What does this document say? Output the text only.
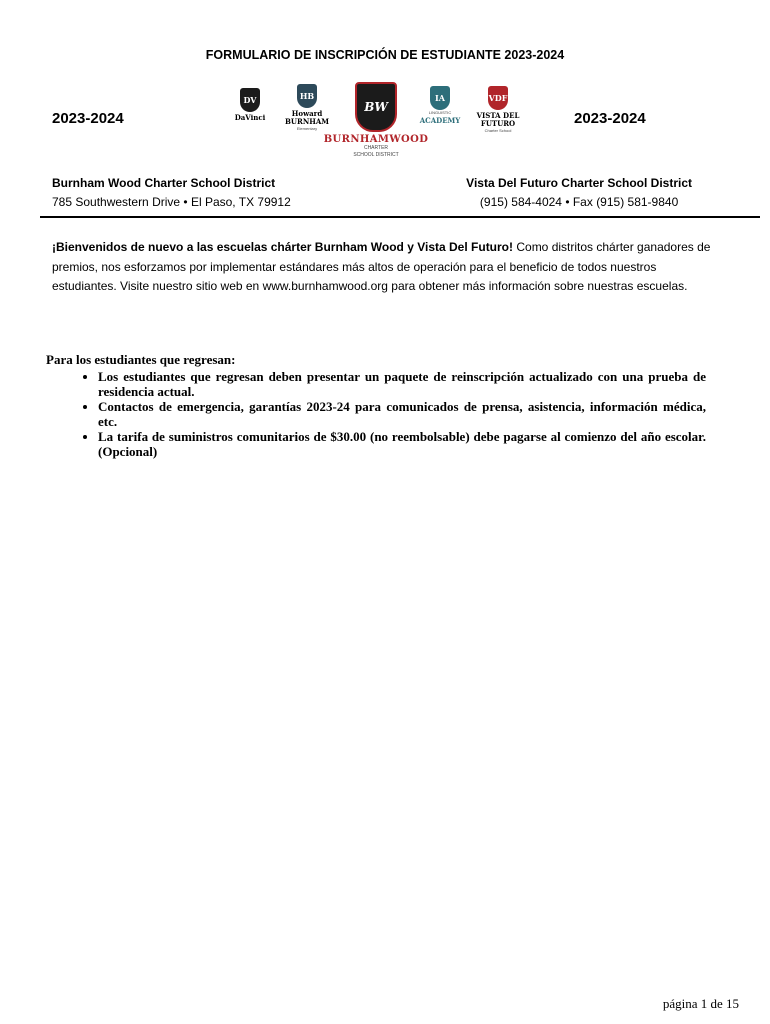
FORMULARIO DE INSCRIPCIÓN DE ESTUDIANTE 2023-2024
2023-2024	2023-2024
DV
DaVinci
HB
Howard BURNHAM
Elementary
BW
BURNHAMWOOD
CHARTER
SCHOOL DISTRICT
IA
LINGUISTIC
ACADEMY
VDF
VISTA DEL FUTURO
Charter School
Burnham Wood Charter School District
785 Southwestern Drive • El Paso, TX 79912
Vista Del Futuro Charter School District
(915) 584-4024 • Fax (915) 581-9840
¡Bienvenidos de nuevo a las escuelas chárter Burnham Wood y Vista Del Futuro! Como distritos chárter ganadores de premios, nos esforzamos por implementar estándares más altos de operación para el beneficio de todos nuestros estudiantes. Visite nuestro sitio web en www.burnhamwood.org para obtener más información sobre nuestras escuelas.
Para los estudiantes que regresan:
• Los estudiantes que regresan deben presentar un paquete de reinscripción actualizado con una prueba de residencia actual.
• Contactos de emergencia, garantías 2023-24 para comunicados de prensa, asistencia, información médica, etc.
• La tarifa de suministros comunitarios de $30.00 (no reembolsable) debe pagarse al comienzo del año escolar. (Opcional)
página 1 de 15
